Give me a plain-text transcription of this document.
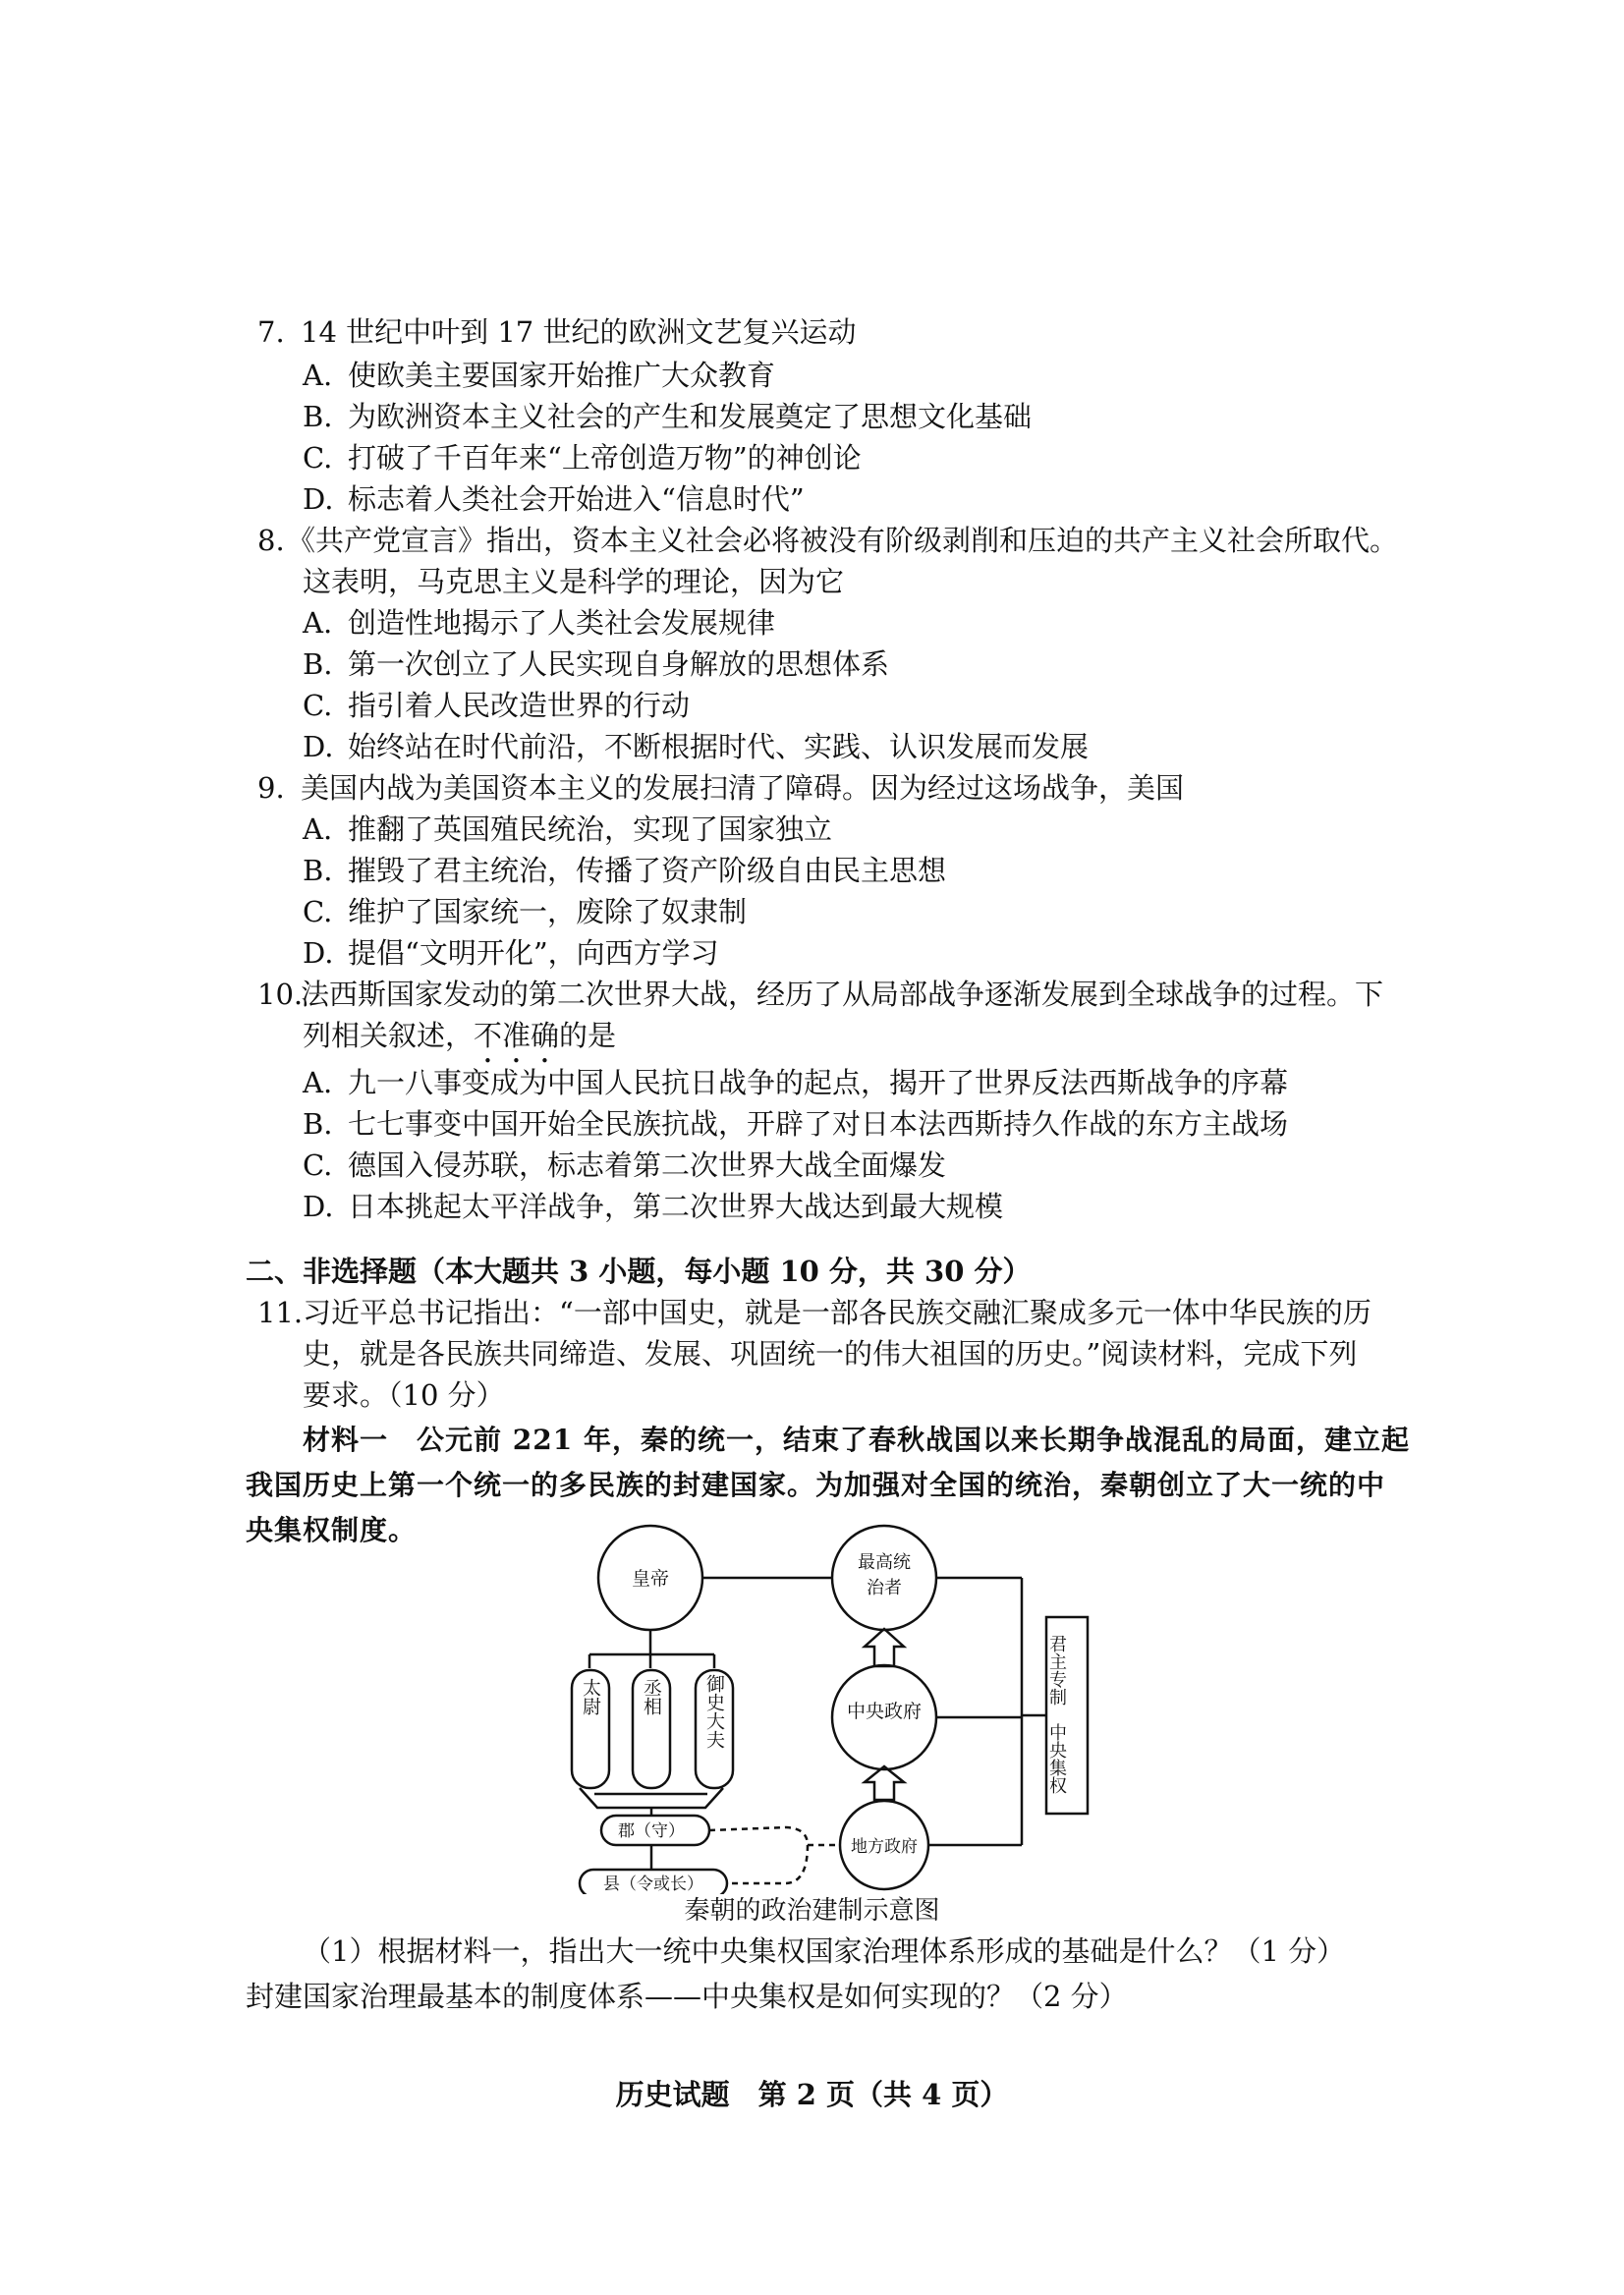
7. 14 世纪中叶到 17 世纪的欧洲文艺复兴运动
A. 使欧美主要国家开始推广大众教育
B. 为欧洲资本主义社会的产生和发展奠定了思想文化基础
C. 打破了千百年来“上帝创造万物”的神创论
D. 标志着人类社会开始进入“信息时代”
8.《共产党宣言》指出，资本主义社会必将被没有阶级剥削和压迫的共产主义社会所取代。
这表明，马克思主义是科学的理论，因为它
A. 创造性地揭示了人类社会发展规律
B. 第一次创立了人民实现自身解放的思想体系
C. 指引着人民改造世界的行动
D. 始终站在时代前沿，不断根据时代、实践、认识发展而发展
9. 美国内战为美国资本主义的发展扫清了障碍。因为经过这场战争，美国
A. 推翻了英国殖民统治，实现了国家独立
B. 摧毁了君主统治，传播了资产阶级自由民主思想
C. 维护了国家统一，废除了奴隶制
D. 提倡“文明开化”，向西方学习
10.法西斯国家发动的第二次世界大战，经历了从局部战争逐渐发展到全球战争的过程。下
列相关叙述，不准确的是
A. 九一八事变成为中国人民抗日战争的起点，揭开了世界反法西斯战争的序幕
B. 七七事变中国开始全民族抗战，开辟了对日本法西斯持久作战的东方主战场
C. 德国入侵苏联，标志着第二次世界大战全面爆发
D. 日本挑起太平洋战争，第二次世界大战达到最大规模
二、非选择题（本大题共 3 小题，每小题 10 分，共 30 分）
11.习近平总书记指出：“一部中国史，就是一部各民族交融汇聚成多元一体中华民族的历
史，就是各民族共同缔造、发展、巩固统一的伟大祖国的历史。”阅读材料，完成下列
要求。（10 分）
材料一　公元前 221 年，秦的统一，结束了春秋战国以来长期争战混乱的局面，建立起
我国历史上第一个统一的多民族的封建国家。为加强对全国的统治，秦朝创立了大一统的中
央集权制度。
皇帝
中央政府
地方政府
郡（守）
县（令或长）
太尉	丞相	御史大夫
最高统治者
君主专制　中央集权
秦朝的政治建制示意图
（1）根据材料一，指出大一统中央集权国家治理体系形成的基础是什么？（1 分）
封建国家治理最基本的制度体系——中央集权是如何实现的？（2 分）
历史试题　第 2 页（共 4 页）
